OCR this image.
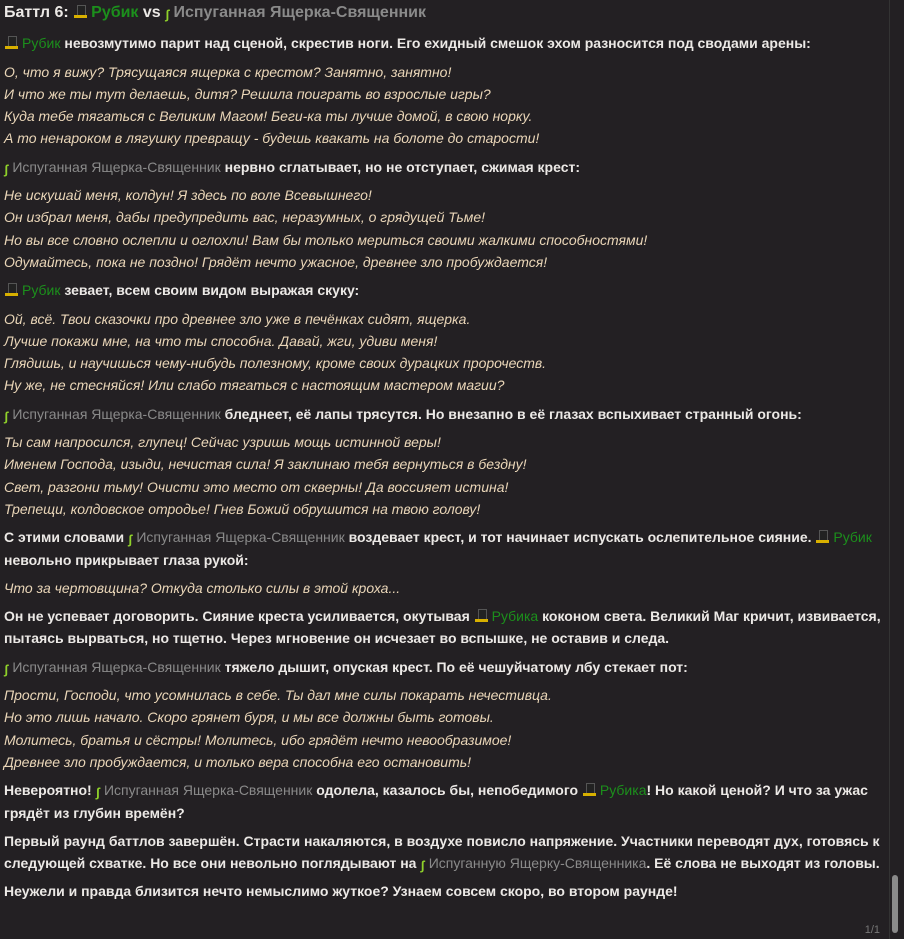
Баттл 6: Рубик vs ʃ Испуганная Ящерка-Священник
Рубик невозмутимо парит над сценой, скрестив ноги. Его ехидный смешок эхом разносится под сводами арены:
О, что я вижу? Трясущаяся ящерка с крестом? Занятно, занятно!
И что же ты тут делаешь, дитя? Решила поиграть во взрослые игры?
Куда тебе тягаться с Великим Магом! Беги-ка ты лучше домой, в свою норку.
А то ненароком в лягушку превращу - будешь квакать на болоте до старости!
ʃ Испуганная Ящерка-Священник нервно сглатывает, но не отступает, сжимая крест:
Не искушай меня, колдун! Я здесь по воле Всевышнего!
Он избрал меня, дабы предупредить вас, неразумных, о грядущей Тьме!
Но вы все словно ослепли и оглохли! Вам бы только мериться своими жалкими способностями!
Одумайтесь, пока не поздно! Грядёт нечто ужасное, древнее зло пробуждается!
Рубик зевает, всем своим видом выражая скуку:
Ой, всё. Твои сказочки про древнее зло уже в печёнках сидят, ящерка.
Лучше покажи мне, на что ты способна. Давай, жги, удиви меня!
Глядишь, и научишься чему-нибудь полезному, кроме своих дурацких пророчеств.
Ну же, не стесняйся! Или слабо тягаться с настоящим мастером магии?
ʃ Испуганная Ящерка-Священник бледнеет, её лапы трясутся. Но внезапно в её глазах вспыхивает странный огонь:
Ты сам напросился, глупец! Сейчас узришь мощь истинной веры!
Именем Господа, изыди, нечистая сила! Я заклинаю тебя вернуться в бездну!
Свет, разгони тьму! Очисти это место от скверны! Да воссияет истина!
Трепещи, колдовское отродье! Гнев Божий обрушится на твою голову!
С этими словами ʃ Испуганная Ящерка-Священник воздевает крест, и тот начинает испускать ослепительное сияние. Рубик невольно прикрывает глаза рукой:
Что за чертовщина? Откуда столько силы в этой кроха...
Он не успевает договорить. Сияние креста усиливается, окутывая Рубика коконом света. Великий Маг кричит, извивается, пытаясь вырваться, но тщетно. Через мгновение он исчезает во вспышке, не оставив и следа.
ʃ Испуганная Ящерка-Священник тяжело дышит, опуская крест. По её чешуйчатому лбу стекает пот:
Прости, Господи, что усомнилась в себе. Ты дал мне силы покарать нечестивца.
Но это лишь начало. Скоро грянет буря, и мы все должны быть готовы.
Молитесь, братья и сёстры! Молитесь, ибо грядёт нечто невообразимое!
Древнее зло пробуждается, и только вера способна его остановить!
Невероятно! ʃ Испуганная Ящерка-Священник одолела, казалось бы, непобедимого Рубика! Но какой ценой? И что за ужас грядёт из глубин времён?
Первый раунд баттлов завершён. Страсти накаляются, в воздухе повисло напряжение. Участники переводят дух, готовясь к следующей схватке. Но все они невольно поглядывают на ʃ Испуганную Ящерку-Священника. Её слова не выходят из головы.
Неужели и правда близится нечто немыслимо жуткое? Узнаем совсем скоро, во втором раунде!
1/1
